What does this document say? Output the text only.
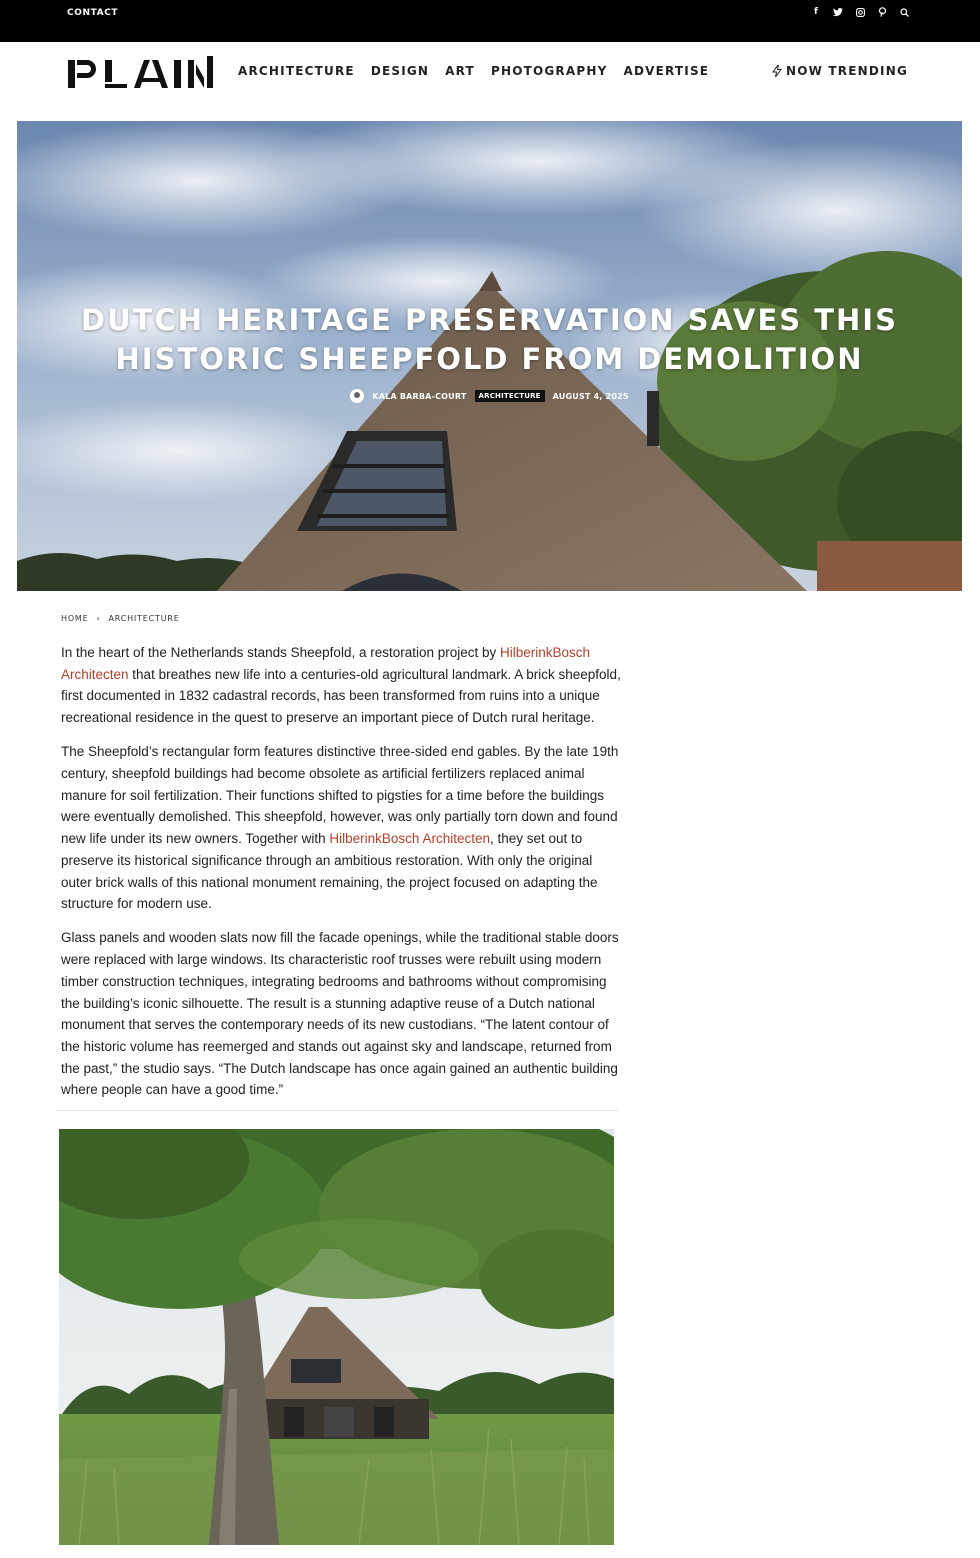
CONTACT	f
ARCHITECTURE DESIGN ART PHOTOGRAPHY ADVERTISE	NOW TRENDING
DUTCH HERITAGE PRESERVATION SAVES THIS HISTORIC SHEEPFOLD FROM DEMOLITION
KALA BARBA-COURT	ARCHITECTURE	AUGUST 4, 2025
HOME › ARCHITECTURE

In the heart of the Netherlands stands Sheepfold, a restoration project by HilberinkBosch Architecten that breathes new life into a centuries-old agricultural landmark. A brick sheepfold, first documented in 1832 cadastral records, has been transformed from ruins into a unique recreational residence in the quest to preserve an important piece of Dutch rural heritage.

The Sheepfold’s rectangular form features distinctive three-sided end gables. By the late 19th century, sheepfold buildings had become obsolete as artificial fertilizers replaced animal manure for soil fertilization. Their functions shifted to pigsties for a time before the buildings were eventually demolished. This sheepfold, however, was only partially torn down and found new life under its new owners. Together with HilberinkBosch Architecten, they set out to preserve its historical significance through an ambitious restoration. With only the original outer brick walls of this national monument remaining, the project focused on adapting the structure for modern use.

Glass panels and wooden slats now fill the facade openings, while the traditional stable doors were replaced with large windows. Its characteristic roof trusses were rebuilt using modern timber construction techniques, integrating bedrooms and bathrooms without compromising the building’s iconic silhouette. The result is a stunning adaptive reuse of a Dutch national monument that serves the contemporary needs of its new custodians. “The latent contour of the historic volume has reemerged and stands out against sky and landscape, returned from the past,” the studio says. “The Dutch landscape has once again gained an authentic building where people can have a good time.”
